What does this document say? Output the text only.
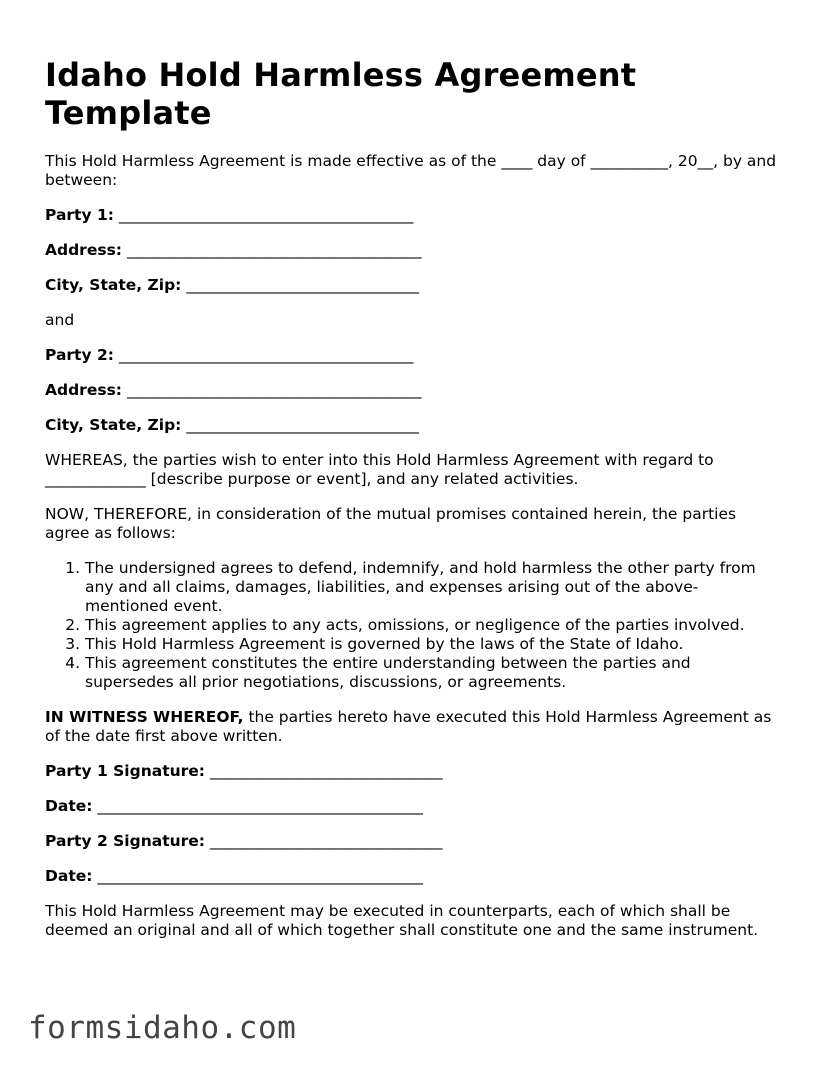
Idaho Hold Harmless Agreement Template

This Hold Harmless Agreement is made effective as of the ____ day of __________, 20__, by and between:

Party 1: ______________________________________
Address: ______________________________________
City, State, Zip: ______________________________

and

Party 2: ______________________________________
Address: ______________________________________
City, State, Zip: ______________________________

WHEREAS, the parties wish to enter into this Hold Harmless Agreement with regard to _____________ [describe purpose or event], and any related activities.

NOW, THEREFORE, in consideration of the mutual promises contained herein, the parties agree as follows:

1. The undersigned agrees to defend, indemnify, and hold harmless the other party from any and all claims, damages, liabilities, and expenses arising out of the above-mentioned event.
2. This agreement applies to any acts, omissions, or negligence of the parties involved.
3. This Hold Harmless Agreement is governed by the laws of the State of Idaho.
4. This agreement constitutes the entire understanding between the parties and supersedes all prior negotiations, discussions, or agreements.

IN WITNESS WHEREOF, the parties hereto have executed this Hold Harmless Agreement as of the date first above written.

Party 1 Signature: ______________________________
Date: __________________________________________
Party 2 Signature: ______________________________
Date: __________________________________________

This Hold Harmless Agreement may be executed in counterparts, each of which shall be deemed an original and all of which together shall constitute one and the same instrument.

formsidaho.com
